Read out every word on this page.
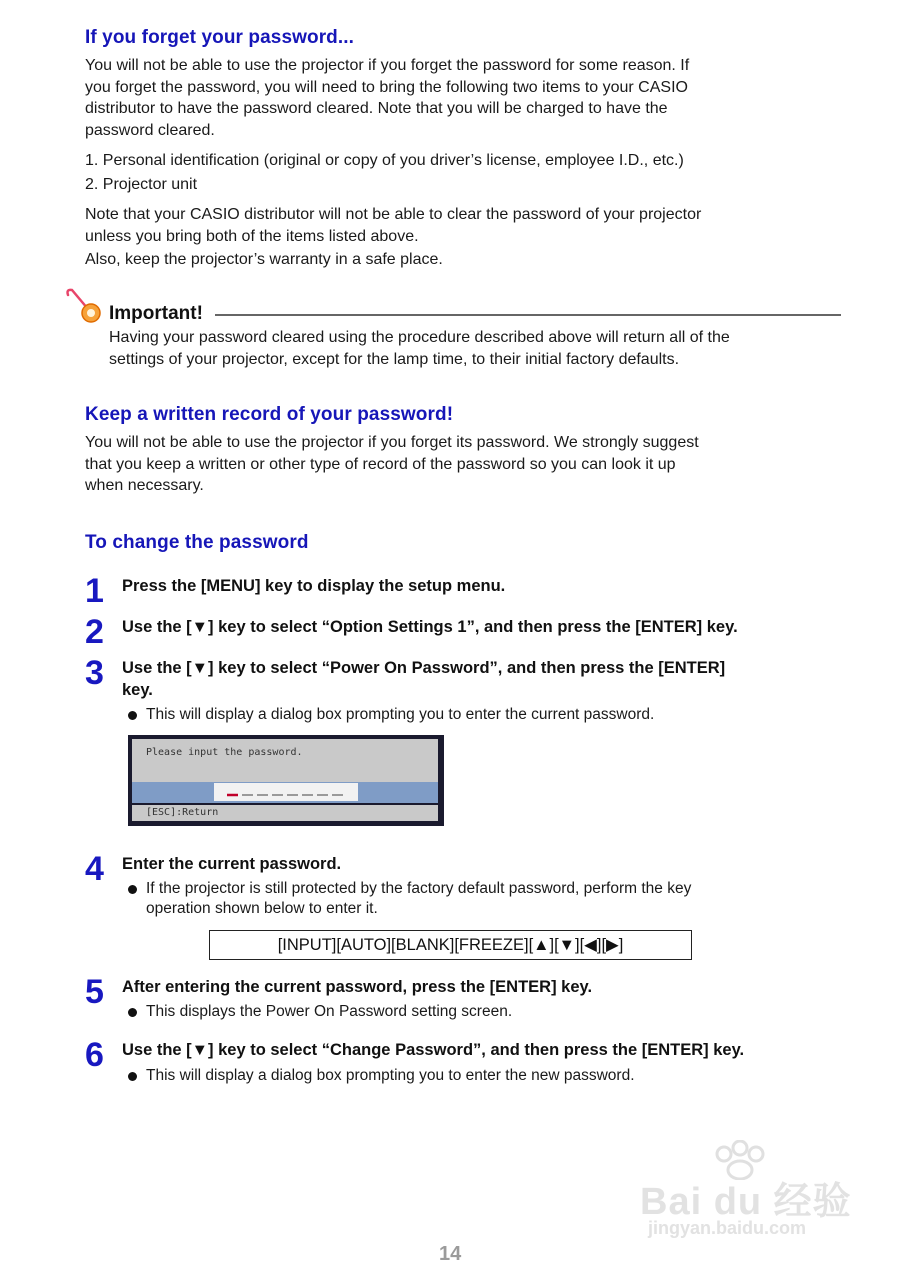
If you forget your password...

You will not be able to use the projector if you forget the password for some reason. If

you forget the password, you will need to bring the following two items to your CASIO

distributor to have the password cleared. Note that you will be charged to have the

password cleared.

1. Personal identification (original or copy of you driver’s license, employee I.D., etc.)

2. Projector unit

Note that your CASIO distributor will not be able to clear the password of your projector

unless you bring both of the items listed above.

Also, keep the projector’s warranty in a safe place.

Important!

Having your password cleared using the procedure described above will return all of the

settings of your projector, except for the lamp time, to their initial factory defaults.

Keep a written record of your password!

You will not be able to use the projector if you forget its password. We strongly suggest

that you keep a written or other type of record of the password so you can look it up

when necessary.

To change the password
1	Press the [MENU] key to display the setup menu.
2	Use the [▼] key to select “Option Settings 1”, and then press the [ENTER] key.
3	Use the [▼] key to select “Power On Password”, and then press the [ENTER]
key.
This will display a dialog box prompting you to enter the current password.
Please input the password.
[ESC]:Return
4	Enter the current password.
If the projector is still protected by the factory default password, perform the key
operation shown below to enter it.
[INPUT][AUTO][BLANK][FREEZE][▲][▼][◀][▶]
5	After entering the current password, press the [ENTER] key.
This displays the Power On Password setting screen.
6	Use the [▼] key to select “Change Password”, and then press the [ENTER] key.
This will display a dialog box prompting you to enter the new password.
Bai du 经验
jingyan.baidu.com
14
